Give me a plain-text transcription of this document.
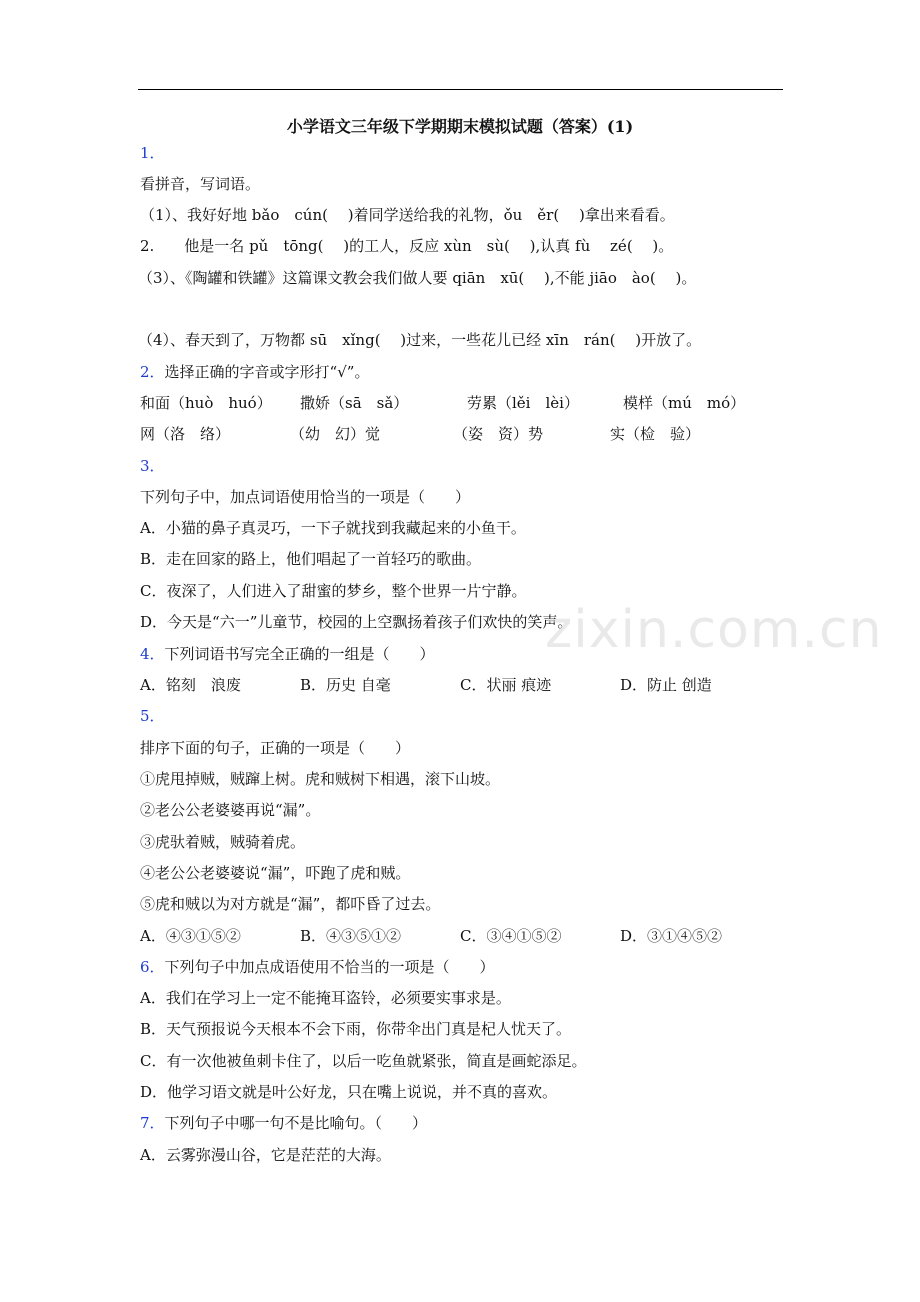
小学语文三年级下学期期末模拟试题（答案）(1)
1．
看拼音，写词语。
（1）、我好好地 bǎo　cún(　 )着同学送给我的礼物，ǒu　ěr(　 )拿出来看看。
2.　　他是一名 pǔ　tōng(　 )的工人，反应 xùn　sù(　 ),认真 fù　 zé(　 )。
（3）、《陶罐和铁罐》这篇课文教会我们做人要 qiān　xū(　 ),不能 jiāo　ào(　 )。
（4）、春天到了，万物都 sū　xǐng(　 )过来，一些花儿已经 xīn　rán(　 )开放了。
2．选择正确的字音或字形打“√”。
和面（huò　huó） 撒娇（sā　sǎ）	劳累（lěi　lèi）	模样（mú　mó）
网（洛　络）	（幼　幻）觉	（姿　资）势	实（检　验）
3．
下列句子中，加点词语使用恰当的一项是（　　）
A．小猫的鼻子真灵巧，一下子就找到我藏起来的小鱼干。
B．走在回家的路上，他们唱起了一首轻巧的歌曲。
C．夜深了，人们进入了甜蜜的梦乡，整个世界一片宁静。
D．今天是“六一”儿童节，校园的上空飘扬着孩子们欢快的笑声。
4．下列词语书写完全正确的一组是（　　）
A．铭刻　浪废	B．历史 自毫	C．状丽 痕迹	D．防止 创造
5．
排序下面的句子，正确的一项是（　　）
①虎甩掉贼，贼蹿上树。虎和贼树下相遇，滚下山坡。
②老公公老婆婆再说“漏”。
③虎驮着贼，贼骑着虎。
④老公公老婆婆说“漏”，吓跑了虎和贼。
⑤虎和贼以为对方就是“漏”，都吓昏了过去。
A．④③①⑤②	B．④③⑤①②	C．③④①⑤②	D．③①④⑤②
6．下列句子中加点成语使用不恰当的一项是（　　）
A．我们在学习上一定不能掩耳盗铃，必须要实事求是。
B．天气预报说今天根本不会下雨，你带伞出门真是杞人忧天了。
C．有一次他被鱼刺卡住了，以后一吃鱼就紧张，简直是画蛇添足。
D．他学习语文就是叶公好龙，只在嘴上说说，并不真的喜欢。
7．下列句子中哪一句不是比喻句。（　　）
A．云雾弥漫山谷，它是茫茫的大海。
zixin.com.cn
